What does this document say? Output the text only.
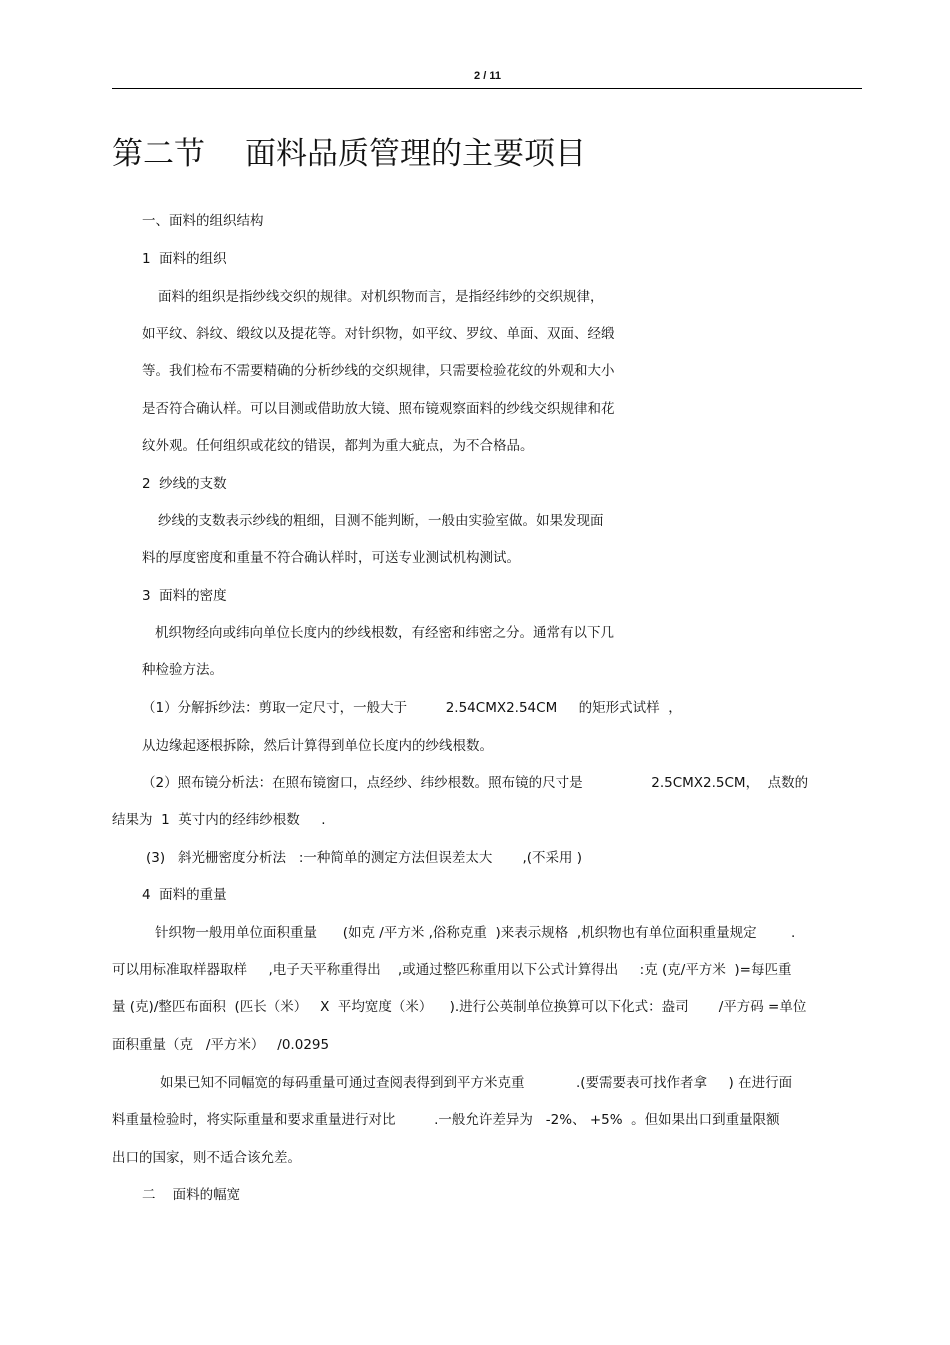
2 / 11
第二节 面料品质管理的主要项目
一、面料的组织结构
1  面料的组织
面料的组织是指纱线交织的规律。对机织物而言，是指经纬纱的交织规律，
如平纹、斜纹、缎纹以及提花等。对针织物，如平纹、罗纹、单面、双面、经缎
等。我们检布不需要精确的分析纱线的交织规律，只需要检验花纹的外观和大小
是否符合确认样。可以目测或借助放大镜、照布镜观察面料的纱线交织规律和花
纹外观。任何组织或花纹的错误，都判为重大疵点，为不合格品。
2  纱线的支数
纱线的支数表示纱线的粗细，目测不能判断，一般由实验室做。如果发现面
料的厚度密度和重量不符合确认样时，可送专业测试机构测试。
3  面料的密度
机织物经向或纬向单位长度内的纱线根数，有经密和纬密之分。通常有以下几
种检验方法。
（1）分解拆纱法：剪取一定尺寸，一般大于         2.54CMX2.54CM     的矩形式试样  ，
从边缘起逐根拆除，然后计算得到单位长度内的纱线根数。
（2）照布镜分析法：在照布镜窗口，点经纱、纬纱根数。照布镜的尺寸是                2.5CMX2.5CM，  点数的
结果为  1  英寸内的经纬纱根数     .
(3)   斜光栅密度分析法   :一种简单的测定方法但误差太大       ,(不采用 )
4  面料的重量
针织物一般用单位面积重量      (如克 /平方米 ,俗称克重  )来表示规格  ,机织物也有单位面积重量规定        .
可以用标准取样器取样     ,电子天平称重得出    ,或通过整匹称重用以下公式计算得出     :克 (克/平方米  )=每匹重
量 (克)/整匹布面积  (匹长（米）   X  平均宽度（米）    ).进行公英制单位换算可以下化式：盎司       /平方码 =单位
面积重量（克   /平方米）   /0.0295
如果已知不同幅宽的每码重量可通过查阅表得到到平方米克重            .(要需要表可找作者拿     ) 在进行面
料重量检验时，将实际重量和要求重量进行对比         .一般允许差异为   -2%、 +5%  。但如果出口到重量限额
出口的国家，则不适合该允差。
二    面料的幅宽
